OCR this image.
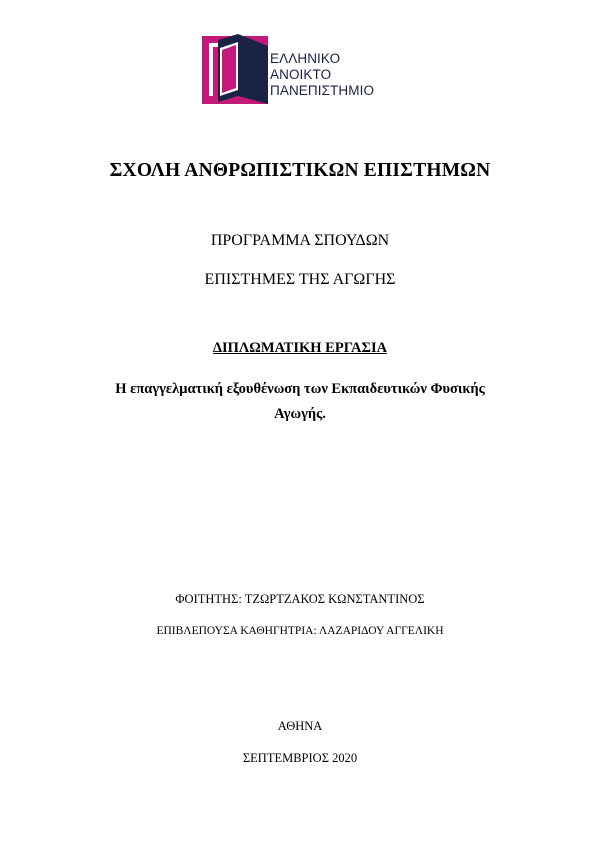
ΕΛΛΗΝΙΚΟ
ΑΝΟΙΚΤΟ
ΠΑΝΕΠΙΣΤΗΜΙΟ
ΣΧΟΛΗ ΑΝΘΡΩΠΙΣΤΙΚΩΝ ΕΠΙΣΤΗΜΩΝ
ΠΡΟΓΡΑΜΜΑ ΣΠΟΥΔΩΝ
ΕΠΙΣΤΗΜΕΣ ΤΗΣ ΑΓΩΓΗΣ
ΔΙΠΛΩΜΑΤΙΚΗ ΕΡΓΑΣΙΑ
Η επαγγελματική εξουθένωση των Εκπαιδευτικών Φυσικής
Αγωγής.
ΦΟΙΤΗΤΗΣ: ΤΖΩΡΤΖΑΚΟΣ ΚΩΝΣΤΑΝΤΙΝΟΣ
ΕΠΙΒΛΕΠΟΥΣΑ ΚΑΘΗΓΗΤΡΙΑ: ΛΑΖΑΡΙΔΟΥ ΑΓΓΕΛΙΚΗ
ΑΘΗΝΑ
ΣΕΠΤΕΜΒΡΙΟΣ 2020
